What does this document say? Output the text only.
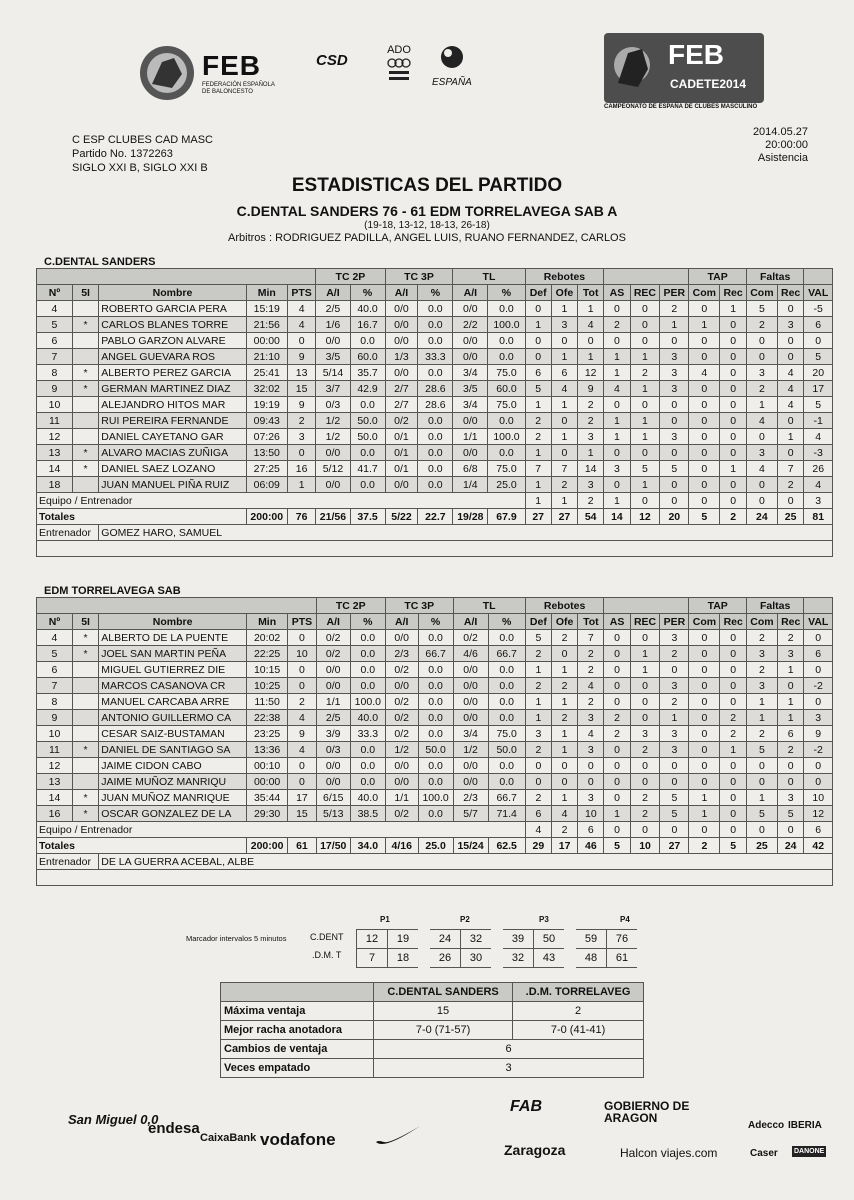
FEB
FEDERACIÓN ESPAÑOLA DE BALONCESTO
CSD
ADO
ESPAÑA
FEB
CADETE2014
CAMPEONATO DE ESPAÑA DE CLUBES MASCULINO
C ESP CLUBES CAD MASC
Partido No. 1372263
SIGLO XXI B, SIGLO XXI B
2014.05.27
20:00:00
Asistencia
ESTADISTICAS DEL PARTIDO
C.DENTAL SANDERS 76 - 61 EDM TORRELAVEGA SAB A
(19-18, 13-12, 18-13, 26-18)
Arbitros : RODRIGUEZ PADILLA, ANGEL LUIS, RUANO FERNANDEZ, CARLOS
C.DENTAL SANDERS
					TC 2P		TC 3P		TL		Rebotes						TAP		Faltas		
Nº	5I	Nombre	Min	PTS	A/I	%	A/I	%	A/I	%	Def	Ofe	Tot	AS	REC	PER	Com	Rec	Com	Rec	VAL
4		ROBERTO GARCIA PERA	15:19	4	2/5	40.0	0/0	0.0	0/0	0.0	0	1	1	0	0	2	0	1	5	0	-5
5	*	CARLOS BLANES TORRE	21:56	4	1/6	16.7	0/0	0.0	2/2	100.0	1	3	4	2	0	1	1	0	2	3	6
6		PABLO GARZON ALVARE	00:00	0	0/0	0.0	0/0	0.0	0/0	0.0	0	0	0	0	0	0	0	0	0	0	0
7		ANGEL GUEVARA ROS	21:10	9	3/5	60.0	1/3	33.3	0/0	0.0	0	1	1	1	1	3	0	0	0	0	5
8	*	ALBERTO PEREZ GARCIA	25:41	13	5/14	35.7	0/0	0.0	3/4	75.0	6	6	12	1	2	3	4	0	3	4	20
9	*	GERMAN MARTINEZ DIAZ	32:02	15	3/7	42.9	2/7	28.6	3/5	60.0	5	4	9	4	1	3	0	0	2	4	17
10		ALEJANDRO HITOS MAR	19:19	9	0/3	0.0	2/7	28.6	3/4	75.0	1	1	2	0	0	0	0	0	1	4	5
11		RUI PEREIRA FERNANDE	09:43	2	1/2	50.0	0/2	0.0	0/0	0.0	2	0	2	1	1	0	0	0	4	0	-1
12		DANIEL CAYETANO GAR	07:26	3	1/2	50.0	0/1	0.0	1/1	100.0	2	1	3	1	1	3	0	0	0	1	4
13	*	ALVARO MACIAS ZUÑIGA	13:50	0	0/0	0.0	0/1	0.0	0/0	0.0	1	0	1	0	0	0	0	0	3	0	-3
14	*	DANIEL SAEZ LOZANO	27:25	16	5/12	41.7	0/1	0.0	6/8	75.0	7	7	14	3	5	5	0	1	4	7	26
18		JUAN MANUEL PIÑA RUIZ	06:09	1	0/0	0.0	0/0	0.0	1/4	25.0	1	2	3	0	1	0	0	0	0	2	4
Equipo / Entrenador											1	1	2	1	0	0	0	0	0	0	3
Totales			200:00	76	21/56	37.5	5/22	22.7	19/28	67.9	27	27	54	14	12	20	5	2	24	25	81
Entrenador		GOMEZ HARO, SAMUEL																			

EDM TORRELAVEGA SAB
					TC 2P		TC 3P		TL		Rebotes						TAP		Faltas		
Nº	5I	Nombre	Min	PTS	A/I	%	A/I	%	A/I	%	Def	Ofe	Tot	AS	REC	PER	Com	Rec	Com	Rec	VAL
4	*	ALBERTO DE LA PUENTE	20:02	0	0/2	0.0	0/0	0.0	0/2	0.0	5	2	7	0	0	3	0	0	2	2	0
5	*	JOEL SAN MARTIN PEÑA	22:25	10	0/2	0.0	2/3	66.7	4/6	66.7	2	0	2	0	1	2	0	0	3	3	6
6		MIGUEL GUTIERREZ DIE	10:15	0	0/0	0.0	0/2	0.0	0/0	0.0	1	1	2	0	1	0	0	0	2	1	0
7		MARCOS CASANOVA CR	10:25	0	0/0	0.0	0/0	0.0	0/0	0.0	2	2	4	0	0	3	0	0	3	0	-2
8		MANUEL CARCABA ARRE	11:50	2	1/1	100.0	0/2	0.0	0/0	0.0	1	1	2	0	0	2	0	0	1	1	0
9		ANTONIO GUILLERMO CA	22:38	4	2/5	40.0	0/2	0.0	0/0	0.0	1	2	3	2	0	1	0	2	1	1	3
10		CESAR SAIZ-BUSTAMAN	23:25	9	3/9	33.3	0/2	0.0	3/4	75.0	3	1	4	2	3	3	0	2	2	6	9
11	*	DANIEL DE SANTIAGO SA	13:36	4	0/3	0.0	1/2	50.0	1/2	50.0	2	1	3	0	2	3	0	1	5	2	-2
12		JAIME CIDON CABO	00:10	0	0/0	0.0	0/0	0.0	0/0	0.0	0	0	0	0	0	0	0	0	0	0	0
13		JAIME MUÑOZ MANRIQU	00:00	0	0/0	0.0	0/0	0.0	0/0	0.0	0	0	0	0	0	0	0	0	0	0	0
14	*	JUAN MUÑOZ MANRIQUE	35:44	17	6/15	40.0	1/1	100.0	2/3	66.7	2	1	3	0	2	5	1	0	1	3	10
16	*	OSCAR GONZALEZ DE LA	29:30	15	5/13	38.5	0/2	0.0	5/7	71.4	6	4	10	1	2	5	1	0	5	5	12
Equipo / Entrenador											4	2	6	0	0	0	0	0	0	0	6
Totales			200:00	61	17/50	34.0	4/16	25.0	15/24	62.5	29	17	46	5	10	27	2	5	25	24	42
Entrenador		DE LA GUERRA ACEBAL, ALBE																			

Marcador intervalos 5 minutos
P1	P2	P3	P4
C.DENT
.D.M. T
12	19	24	32	39	50	59	76
7	18	26	30	32	43	48	61
	C.DENTAL SANDERS	.D.M. TORRELAVEG
Máxima ventaja	15	2
Mejor racha anotadora	7-0 (71-57)	7-0 (41-41)
Cambios de ventaja	6	
Veces empatado	3	
San Miguel 0,0
endesa
CaixaBank vodafone
FAB	GOBIERNO DE ARAGON
Zaragoza	Halcon viajes.com
Adecco IBERIA
Caser DANONE
